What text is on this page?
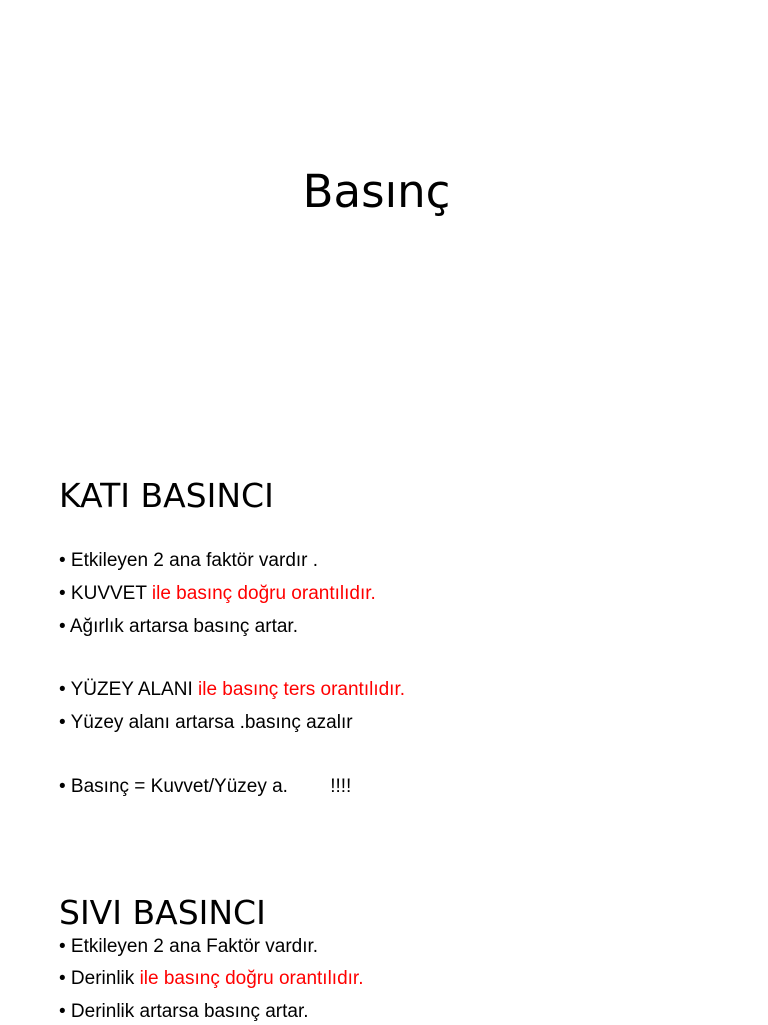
Basınç
KATI BASINCI
• Etkileyen 2 ana faktör vardır .
• KUVVET ile basınç doğru orantılıdır.
• Ağırlık artarsa basınç artar.
• YÜZEY ALANI ile basınç ters orantılıdır.
• Yüzey alanı artarsa .basınç azalır
• Basınç = Kuvvet/Yüzey a.        !!!!
SIVI BASINCI
• Etkileyen 2 ana Faktör vardır.
• Derinlik ile basınç doğru orantılıdır.
• Derinlik artarsa basınç artar.
